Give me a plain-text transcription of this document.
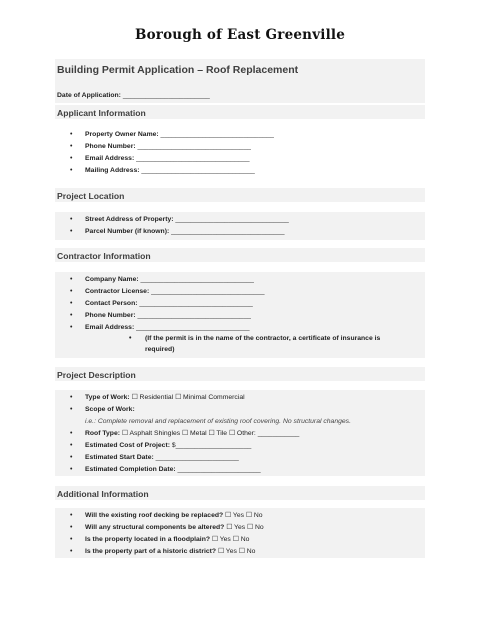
Borough of East Greenville
Building Permit Application – Roof Replacement
Date of Application: _______________________
Applicant Information
• Property Owner Name: ______________________________
• Phone Number: ______________________________
• Email Address: ______________________________
• Mailing Address: ______________________________
Project Location
• Street Address of Property: ______________________________
• Parcel Number (if known): ______________________________
Contractor Information
• Company Name: ______________________________
• Contractor License: ______________________________
• Contact Person: ______________________________
• Phone Number: ______________________________
• Email Address: ______________________________
• (If the permit is in the name of the contractor, a certificate of insurance is required)
Project Description
• Type of Work: ☐ Residential ☐ Minimal Commercial
• Scope of Work:
i.e.: Complete removal and replacement of existing roof covering. No structural changes.
• Roof Type: ☐ Asphalt Shingles ☐ Metal ☐ Tile ☐ Other: ___________
• Estimated Cost of Project: $____________________
• Estimated Start Date: ______________________
• Estimated Completion Date: ______________________
Additional Information
• Will the existing roof decking be replaced? ☐ Yes ☐ No
• Will any structural components be altered? ☐ Yes ☐ No
• Is the property located in a floodplain? ☐ Yes ☐ No
• Is the property part of a historic district? ☐ Yes ☐ No
